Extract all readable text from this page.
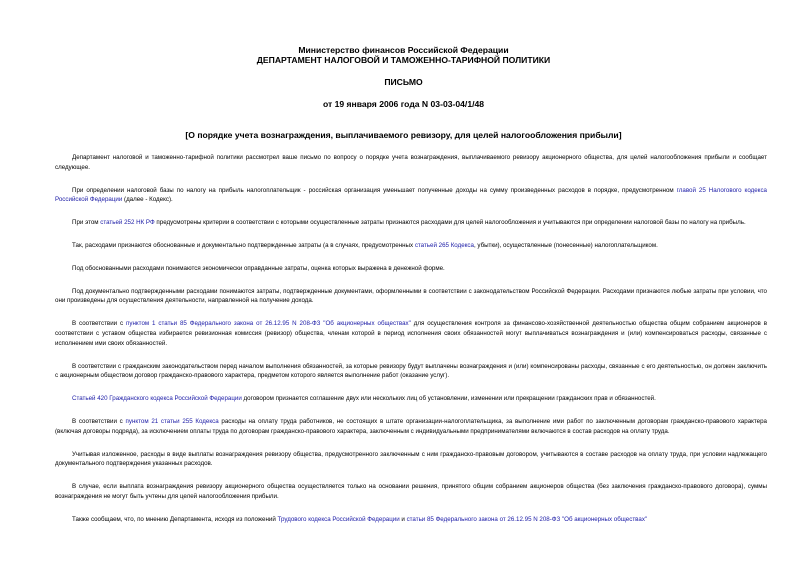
Министерство финансов Российской Федерации
ДЕПАРТАМЕНТ НАЛОГОВОЙ И ТАМОЖЕННО-ТАРИФНОЙ ПОЛИТИКИ
ПИСЬМО
от 19 января 2006 года N 03-03-04/1/48
[О порядке учета вознаграждения, выплачиваемого ревизору, для целей налогообложения прибыли]

Департамент налоговой и таможенно-тарифной политики рассмотрел ваше письмо по вопросу о порядке учета вознаграждения, выплачиваемого ревизору акционерного общества, для целей налогообложения прибыли и сообщает следующее.

При определении налоговой базы по налогу на прибыль налогоплательщик - российская организация уменьшает полученные доходы на сумму произведенных расходов в порядке, предусмотренном главой 25 Налогового кодекса Российской Федерации (далее - Кодекс).

При этом статьей 252 НК РФ предусмотрены критерии в соответствии с которыми осуществленные затраты признаются расходами для целей налогообложения и учитываются при определении налоговой базы по налогу на прибыль.

Так, расходами признаются обоснованные и документально подтвержденные затраты (а в случаях, предусмотренных статьей 265 Кодекса, убытки), осуществленные (понесенные) налогоплательщиком.

Под обоснованными расходами понимаются экономически оправданные затраты, оценка которых выражена в денежной форме.

Под документально подтвержденными расходами понимаются затраты, подтвержденные документами, оформленными в соответствии с законодательством Российской Федерации. Расходами признаются любые затраты при условии, что они произведены для осуществления деятельности, направленной на получение дохода.

В соответствии с пунктом 1 статьи 85 Федерального закона от 26.12.95 N 208-ФЗ "Об акционерных обществах" для осуществления контроля за финансово-хозяйственной деятельностью общества общим собранием акционеров в соответствии с уставом общества избирается ревизионная комиссия (ревизор) общества, членам которой в период исполнения своих обязанностей могут выплачиваться вознаграждения и (или) компенсироваться расходы, связанные с исполнением ими своих обязанностей.

В соответствии с гражданским законодательством перед началом выполнения обязанностей, за которые ревизору будут выплачены вознаграждения и (или) компенсированы расходы, связанные с его деятельностью, он должен заключить с акционерным обществом договор гражданско-правового характера, предметом которого является выполнение работ (оказание услуг).

Статьей 420 Гражданского кодекса Российской Федерации договором признается соглашение двух или нескольких лиц об установлении, изменении или прекращении гражданских прав и обязанностей.

В соответствии с пунктом 21 статьи 255 Кодекса расходы на оплату труда работников, не состоящих в штате организации-налогоплательщика, за выполнение ими работ по заключенным договорам гражданско-правового характера (включая договоры подряда), за исключением оплаты труда по договорам гражданско-правового характера, заключенным с индивидуальными предпринимателями включаются в состав расходов на оплату труда.

Учитывая изложенное, расходы в виде выплаты вознаграждения ревизору общества, предусмотренного заключенным с ним гражданско-правовым договором, учитываются в составе расходов на оплату труда, при условии надлежащего документального подтверждения указанных расходов.

В случае, если выплата вознаграждения ревизору акционерного общества осуществляется только на основании решения, принятого общим собранием акционеров общества (без заключения гражданско-правового договора), суммы вознаграждения не могут быть учтены для целей налогообложения прибыли.

Также сообщаем, что, по мнению Департамента, исходя из положений Трудового кодекса Российской Федерации и статьи 85 Федерального закона от 26.12.95 N 208-ФЗ "Об акционерных обществах"
